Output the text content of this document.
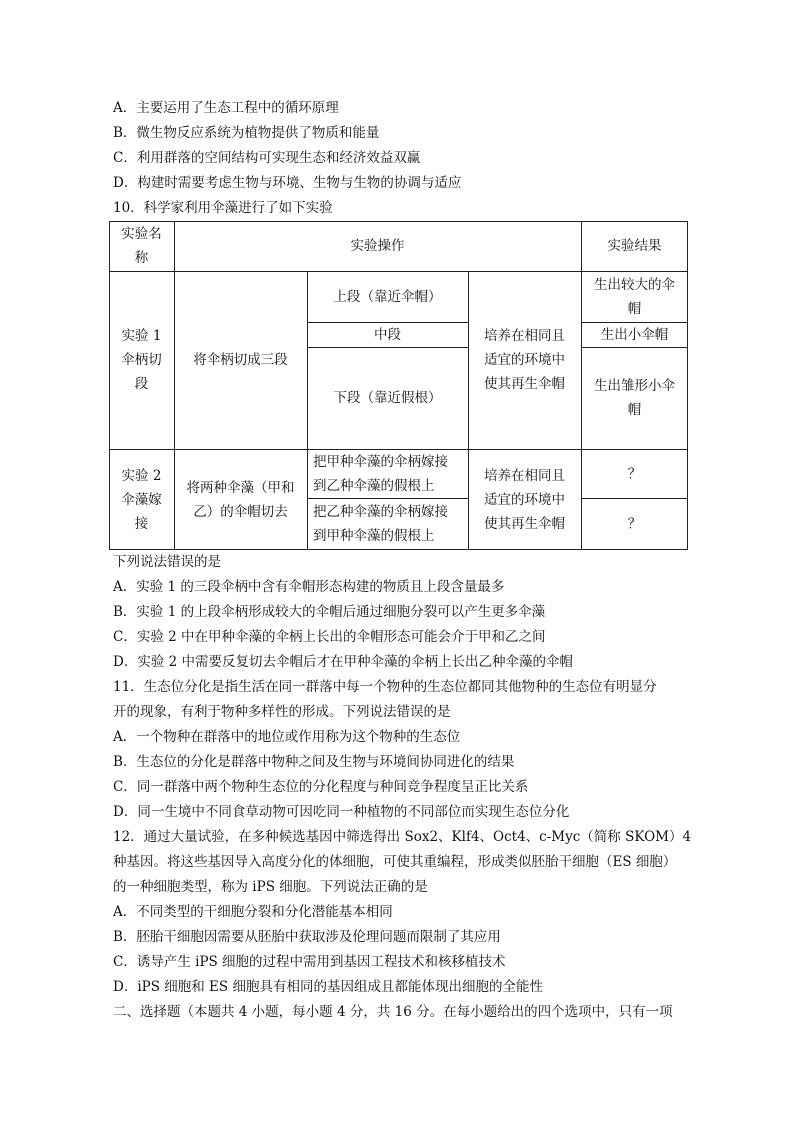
A．主要运用了生态工程中的循环原理
B．微生物反应系统为植物提供了物质和能量
C．利用群落的空间结构可实现生态和经济效益双赢
D．构建时需要考虑生物与环境、生物与生物的协调与适应
10．科学家利用伞藻进行了如下实验
实验名
称
实验操作	实验结果
实验 1
伞柄切
段
将伞柄切成三段
上段（靠近伞帽）
中段
下段（靠近假根）
培养在相同且
适宜的环境中
使其再生伞帽
生出较大的伞
帽
生出小伞帽
生出雏形小伞
帽
实验 2
伞藻嫁
接
将两种伞藻（甲和
乙）的伞帽切去
把甲种伞藻的伞柄嫁接
到乙种伞藻的假根上
把乙种伞藻的伞柄嫁接
到甲种伞藻的假根上
培养在相同且
适宜的环境中
使其再生伞帽
？
？
下列说法错误的是
A．实验 1 的三段伞柄中含有伞帽形态构建的物质且上段含量最多
B．实验 1 的上段伞柄形成较大的伞帽后通过细胞分裂可以产生更多伞藻
C．实验 2 中在甲种伞藻的伞柄上长出的伞帽形态可能会介于甲和乙之间
D．实验 2 中需要反复切去伞帽后才在甲种伞藻的伞柄上长出乙种伞藻的伞帽
11．生态位分化是指生活在同一群落中每一个物种的生态位都同其他物种的生态位有明显分
开的现象，有利于物种多样性的形成。下列说法错误的是
A．一个物种在群落中的地位或作用称为这个物种的生态位
B．生态位的分化是群落中物种之间及生物与环境间协同进化的结果
C．同一群落中两个物种生态位的分化程度与种间竞争程度呈正比关系
D．同一生境中不同食草动物可因吃同一种植物的不同部位而实现生态位分化
12．通过大量试验，在多种候选基因中筛选得出 Sox2、Klf4、Oct4、c-Myc（简称 SKOM）4
种基因。将这些基因导入高度分化的体细胞，可使其重编程，形成类似胚胎干细胞（ES 细胞）
的一种细胞类型，称为 iPS 细胞。下列说法正确的是
A．不同类型的干细胞分裂和分化潜能基本相同
B．胚胎干细胞因需要从胚胎中获取涉及伦理问题而限制了其应用
C．诱导产生 iPS 细胞的过程中需用到基因工程技术和核移植技术
D．iPS 细胞和 ES 细胞具有相同的基因组成且都能体现出细胞的全能性
二、选择题（本题共 4 小题，每小题 4 分，共 16 分。在每小题给出的四个选项中，只有一项
